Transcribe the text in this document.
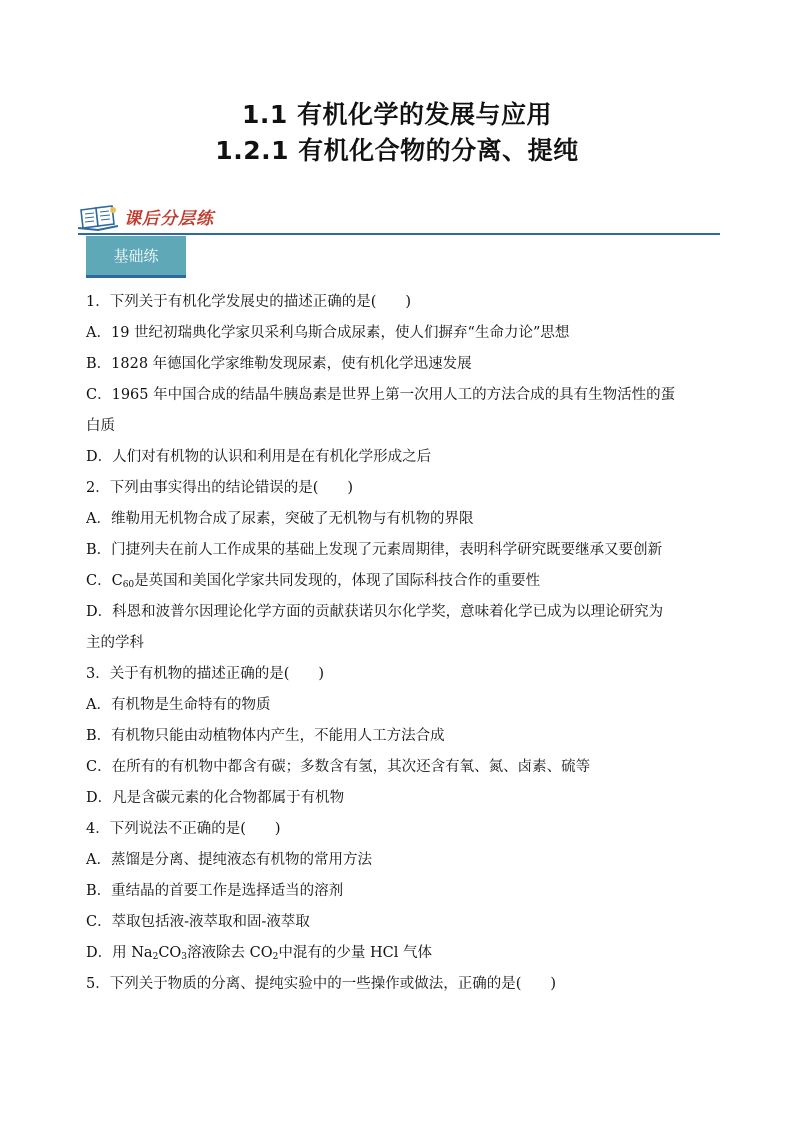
1.1 有机化学的发展与应用
1.2.1 有机化合物的分离、提纯
课后分层练
基础练
1．下列关于有机化学发展史的描述正确的是(　　)
A．19 世纪初瑞典化学家贝采利乌斯合成尿素，使人们摒弃“生命力论”思想
B．1828 年德国化学家维勒发现尿素，使有机化学迅速发展
C．1965 年中国合成的结晶牛胰岛素是世界上第一次用人工的方法合成的具有生物活性的蛋
白质
D．人们对有机物的认识和利用是在有机化学形成之后
2．下列由事实得出的结论错误的是(　　)
A．维勒用无机物合成了尿素，突破了无机物与有机物的界限
B．门捷列夫在前人工作成果的基础上发现了元素周期律，表明科学研究既要继承又要创新
C．$C_{60}$是英国和美国化学家共同发现的，体现了国际科技合作的重要性
D．科恩和波普尔因理论化学方面的贡献获诺贝尔化学奖，意味着化学已成为以理论研究为
主的学科
3．关于有机物的描述正确的是(　　)
A．有机物是生命特有的物质
B．有机物只能由动植物体内产生，不能用人工方法合成
C．在所有的有机物中都含有碳；多数含有氢，其次还含有氧、氮、卤素、硫等
D．凡是含碳元素的化合物都属于有机物
4．下列说法不正确的是(　　)
A．蒸馏是分离、提纯液态有机物的常用方法
B．重结晶的首要工作是选择适当的溶剂
C．萃取包括液-液萃取和固-液萃取
D．用 $Na_2CO_3$溶液除去 $CO_2$中混有的少量 HCl 气体
5．下列关于物质的分离、提纯实验中的一些操作或做法，正确的是(　　)
